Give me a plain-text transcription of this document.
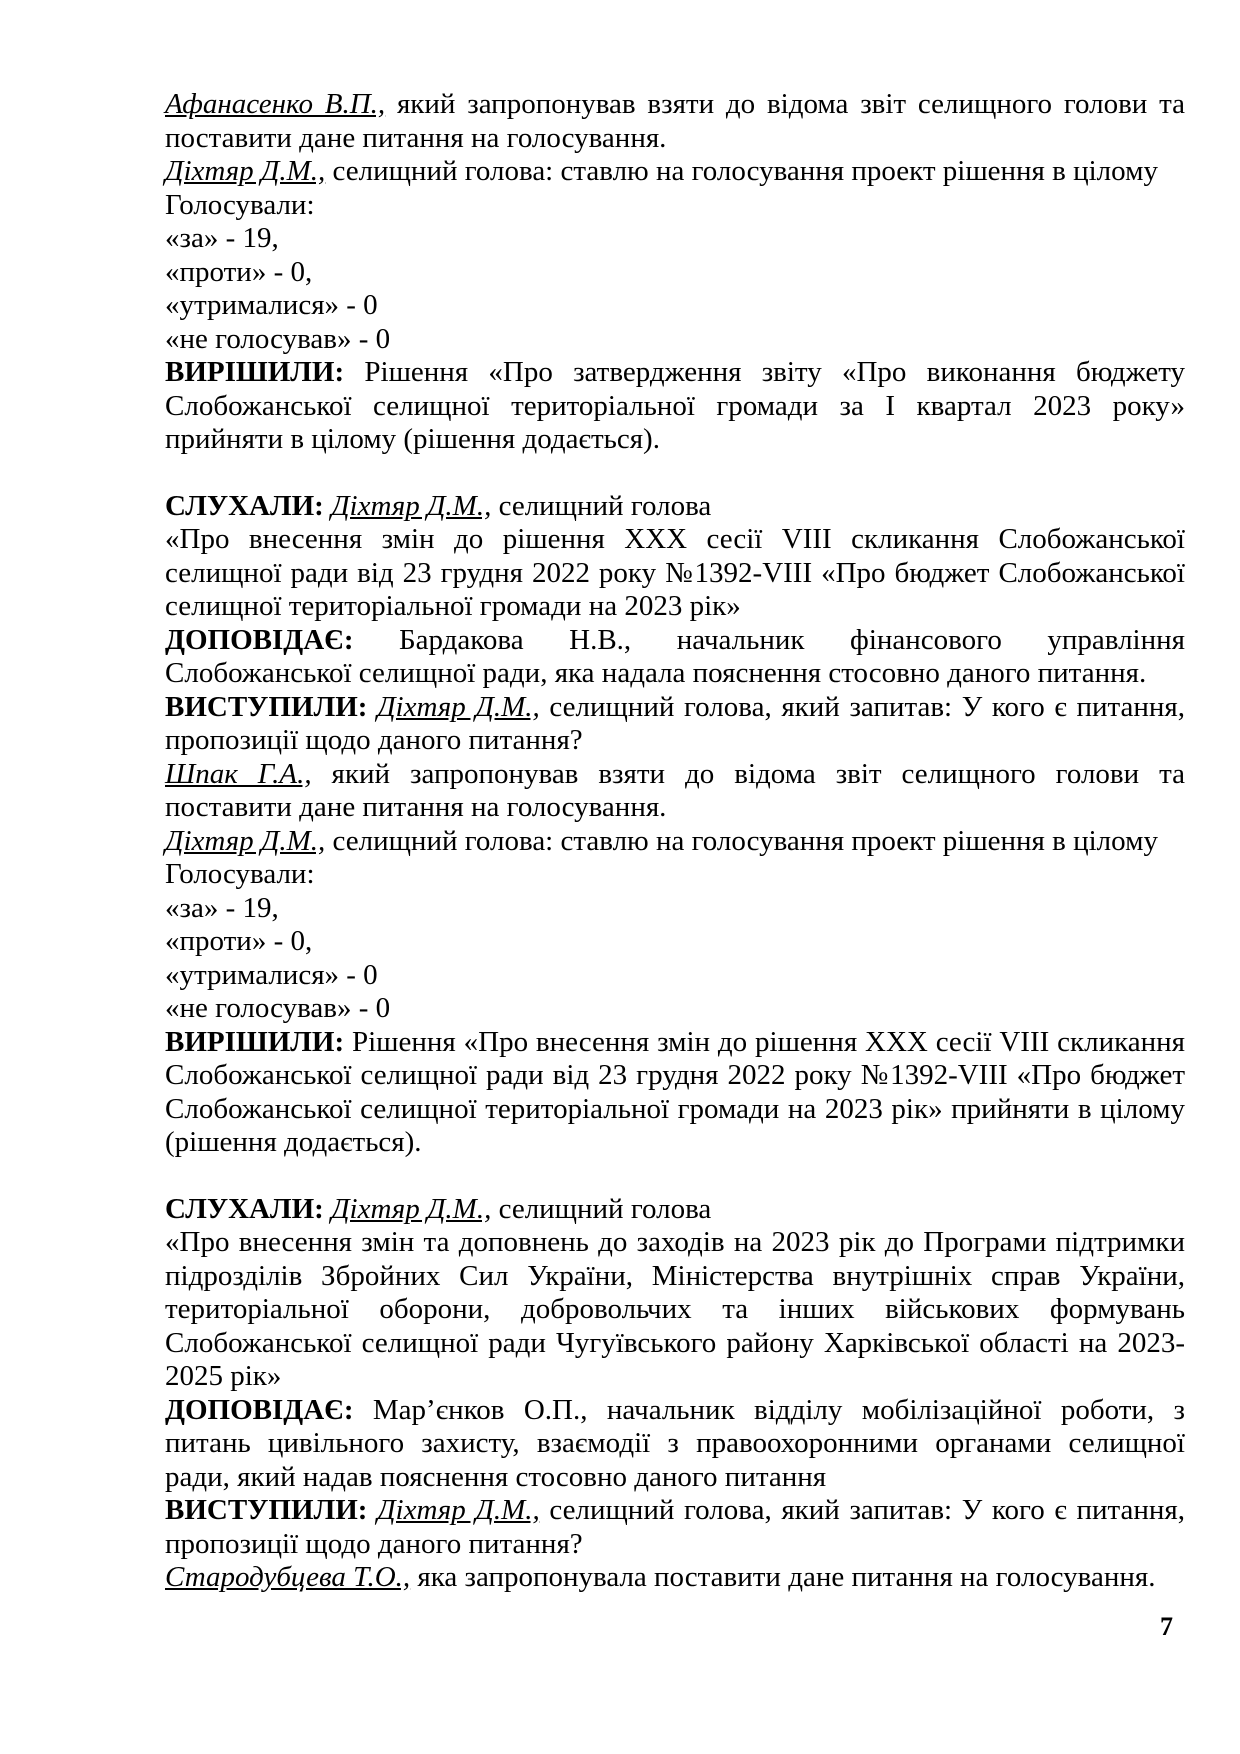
Афанасенко В.П., який запропонував взяти до відома звіт селищного голови та поставити дане питання на голосування.

Діхтяр Д.М., селищний голова: ставлю на голосування проект рішення в цілому

Голосували:

«за» - 19,

«проти» - 0,

«утрималися» - 0

«не голосував» - 0

ВИРІШИЛИ: Рішення «Про затвердження звіту «Про виконання бюджету Слобожанської селищної територіальної громади за I квартал 2023 року» прийняти в цілому (рішення додається).

СЛУХАЛИ: Діхтяр Д.М., селищний голова

«Про внесення змін до рішення XXX сесії VIII скликання Слобожанської селищної ради від 23 грудня 2022 року №1392-VIII «Про бюджет Слобожанської селищної територіальної громади на 2023 рік»

ДОПОВІДАЄ: Бардакова Н.В., начальник фінансового управління Слобожанської селищної ради, яка надала пояснення стосовно даного питання.

ВИСТУПИЛИ: Діхтяр Д.М., селищний голова, який запитав: У кого є питання, пропозиції щодо даного питання?

Шпак Г.А., який запропонував взяти до відома звіт селищного голови та поставити дане питання на голосування.

Діхтяр Д.М., селищний голова: ставлю на голосування проект рішення в цілому

Голосували:

«за» - 19,

«проти» - 0,

«утрималися» - 0

«не голосував» - 0

ВИРІШИЛИ: Рішення «Про внесення змін до рішення XXX сесії VIII скликання Слобожанської селищної ради від 23 грудня 2022 року №1392-VIII «Про бюджет Слобожанської селищної територіальної громади на 2023 рік» прийняти в цілому (рішення додається).

СЛУХАЛИ: Діхтяр Д.М., селищний голова

«Про внесення змін та доповнень до заходів на 2023 рік до Програми підтримки підрозділів Збройних Сил України, Міністерства внутрішніх справ України, територіальної оборони, добровольчих та інших військових формувань Слобожанської селищної ради Чугуївського району Харківської області на 2023-2025 рік»

ДОПОВІДАЄ: Мар’єнков О.П., начальник відділу мобілізаційної роботи, з питань цивільного захисту, взаємодії з правоохоронними органами селищної ради, який надав пояснення стосовно даного питання

ВИСТУПИЛИ: Діхтяр Д.М., селищний голова, який запитав: У кого є питання, пропозиції щодо даного питання?

Стародубцева Т.О., яка запропонувала поставити дане питання на голосування.

7
